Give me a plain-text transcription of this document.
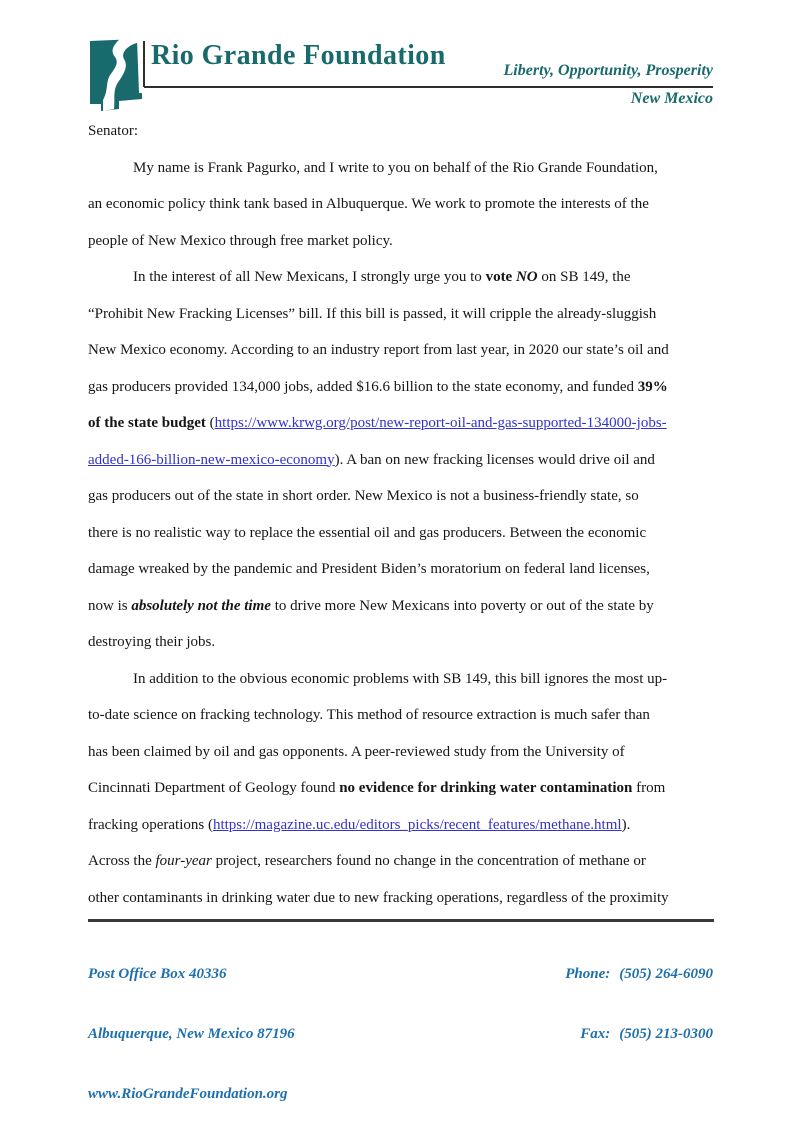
Rio Grande Foundation	Liberty, Opportunity, Prosperity
New Mexico
Senator:
My name is Frank Pagurko, and I write to you on behalf of the Rio Grande Foundation,
an economic policy think tank based in Albuquerque. We work to promote the interests of the
people of New Mexico through free market policy.
In the interest of all New Mexicans, I strongly urge you to vote NO on SB 149, the
“Prohibit New Fracking Licenses” bill. If this bill is passed, it will cripple the already-sluggish
New Mexico economy. According to an industry report from last year, in 2020 our state’s oil and
gas producers provided 134,000 jobs, added $16.6 billion to the state economy, and funded 39%
of the state budget (https://www.krwg.org/post/new-report-oil-and-gas-supported-134000-jobs-
added-166-billion-new-mexico-economy). A ban on new fracking licenses would drive oil and
gas producers out of the state in short order. New Mexico is not a business-friendly state, so
there is no realistic way to replace the essential oil and gas producers. Between the economic
damage wreaked by the pandemic and President Biden’s moratorium on federal land licenses,
now is absolutely not the time to drive more New Mexicans into poverty or out of the state by
destroying their jobs.
In addition to the obvious economic problems with SB 149, this bill ignores the most up-
to-date science on fracking technology. This method of resource extraction is much safer than
has been claimed by oil and gas opponents. A peer-reviewed study from the University of
Cincinnati Department of Geology found no evidence for drinking water contamination from
fracking operations (https://magazine.uc.edu/editors_picks/recent_features/methane.html).
Across the four-year project, researchers found no change in the concentration of methane or
other contaminants in drinking water due to new fracking operations, regardless of the proximity

Post Office Box 40336

Albuquerque, New Mexico 87196

www.RioGrandeFoundation.org

Phone: (505) 264-6090

Fax: (505) 213-0300
